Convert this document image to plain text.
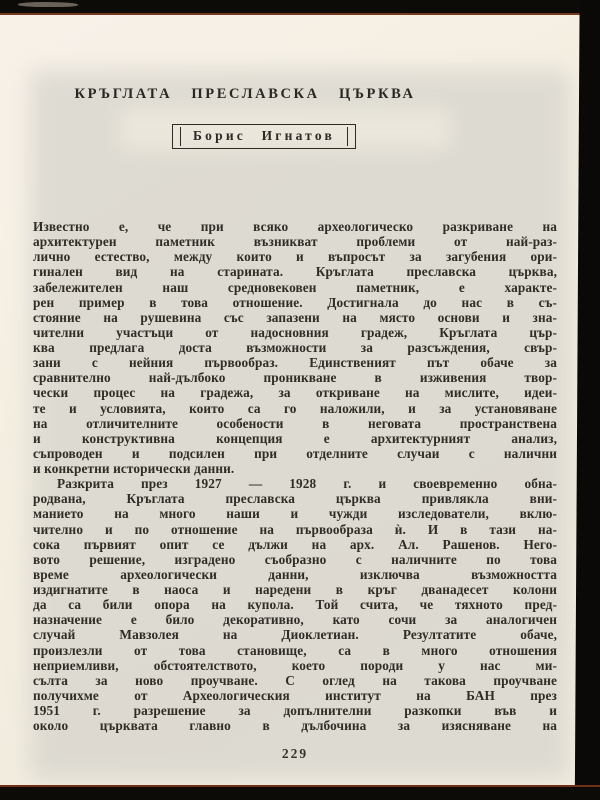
КРЪГЛАТА ПРЕСЛАВСКА ЦЪРКВА
Борис Игнатов
Известно е, че при всяко археологическо разкриване на
архитектурен паметник възникват проблеми от най-раз-
лично естество, между които и въпросът за загубения ори-
гинален вид на старината. Кръглата преславска църква,
забележителен наш средновековен паметник, е характе-
рен пример в това отношение. Достигнала до нас в съ-
стояние на рушевина със запазени на място основи и зна-
чителни участъци от надосновния градеж, Кръглата цър-
ква предлага доста възможности за разсъждения, свър-
зани с нейния първообраз. Единственият път обаче за
сравнително най-дълбоко проникване в изживения твор-
чески процес на градежа, за откриване на мислите, идеи-
те и условията, които са го наложили, и за установяване
на отличителните особености в неговата пространствена
и конструктивна концепция е архитектурният анализ,
съпроводен и подсилен при отделните случаи с налични
и конкретни исторически данни.
Разкрита през 1927 — 1928 г. и своевременно обна-
родвана, Кръглата преславска църква привлякла вни-
манието на много наши и чужди изследователи, вклю-
чително и по отношение на първообраза ѝ. И в тази на-
сока първият опит се дължи на арх. Ал. Рашенов. Него-
вото решение, изградено съобразно с наличните по това
време археологически данни, изключва възможността
издигнатите в наоса и наредени в кръг дванадесет колони
да са били опора на купола. Той счита, че тяхното пред-
назначение е било декоративно, като сочи за аналогичен
случай Мавзолея на Диоклетиан. Резултатите обаче,
произлезли от това становище, са в много отношения
неприемливи, обстоятелството, което породи у нас ми-
сълта за ново проучване. С оглед на такова проучване
получихме от Археологическия институт на БАН през
1951 г. разрешение за допълнителни разкопки във и
около църквата главно в дълбочина за изясняване на
229
